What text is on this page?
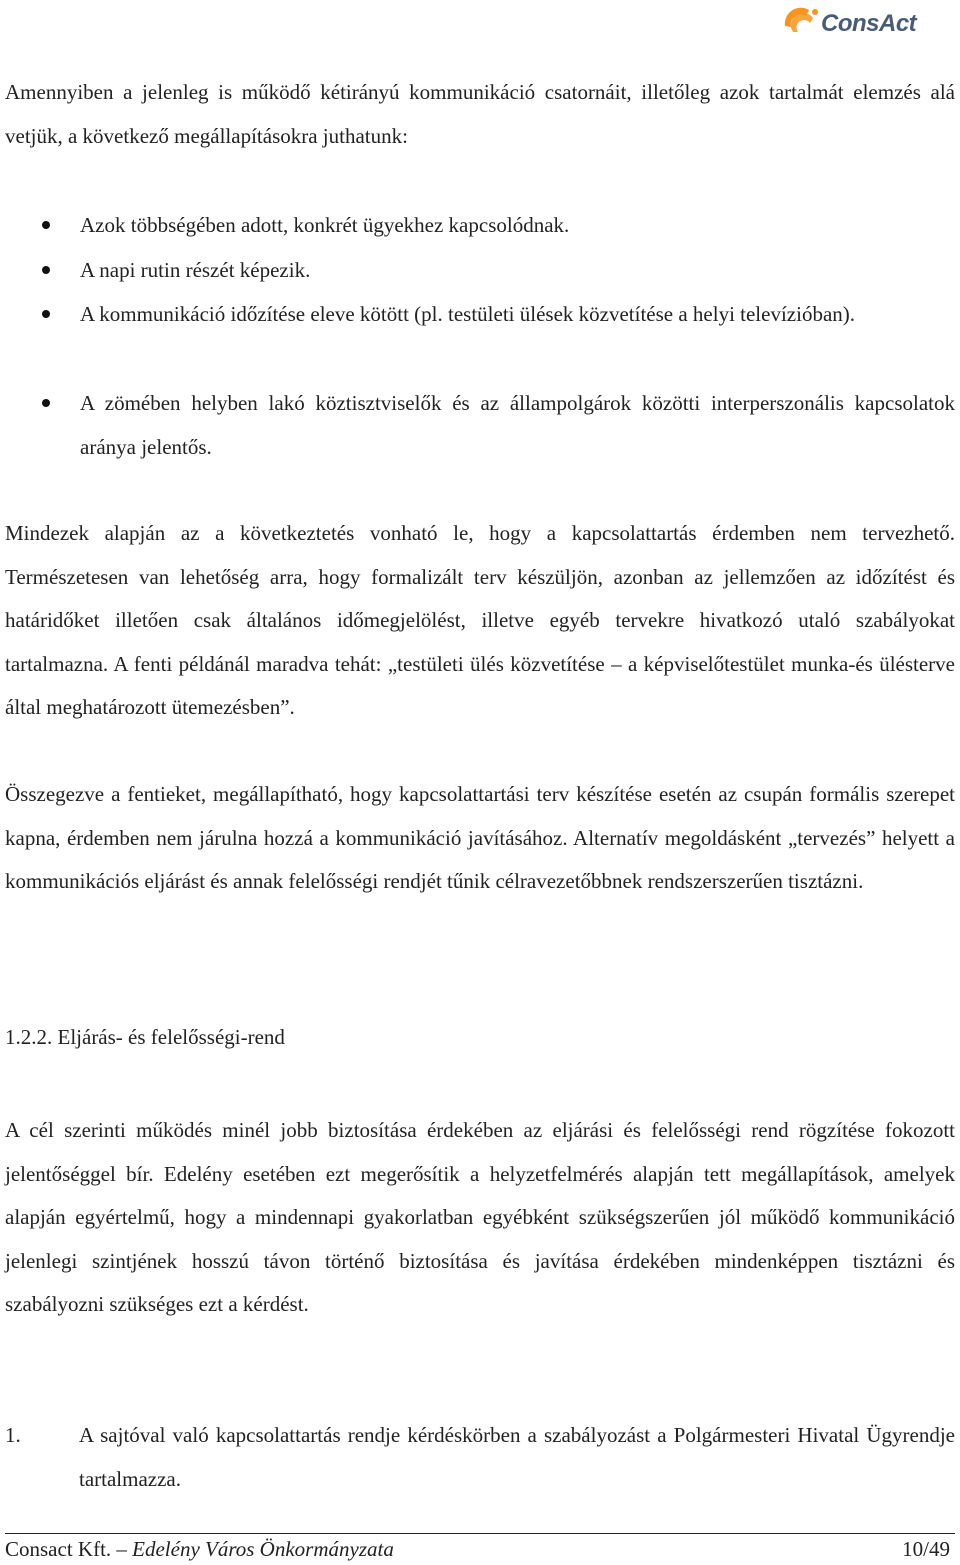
ConsAct
Amennyiben a jelenleg is működő kétirányú kommunikáció csatornáit, illetőleg azok tartalmát elemzés alá vetjük, a következő megállapításokra juthatunk:
Azok többségében adott, konkrét ügyekhez kapcsolódnak.
A napi rutin részét képezik.
A kommunikáció időzítése eleve kötött (pl. testületi ülések közvetítése a helyi televízióban).
A zömében helyben lakó köztisztviselők és az állampolgárok közötti interperszonális kapcsolatok aránya jelentős.
Mindezek alapján az a következtetés vonható le, hogy a kapcsolattartás érdemben nem tervezhető. Természetesen van lehetőség arra, hogy formalizált terv készüljön, azonban az jellemzően az időzítést és határidőket illetően csak általános időmegjelölést, illetve egyéb tervekre hivatkozó utaló szabályokat tartalmazna. A fenti példánál maradva tehát: „testületi ülés közvetítése – a képviselőtestület munka-és ülésterve által meghatározott ütemezésben”.
Összegezve a fentieket, megállapítható, hogy kapcsolattartási terv készítése esetén az csupán formális szerepet kapna, érdemben nem járulna hozzá a kommunikáció javításához. Alternatív megoldásként „tervezés” helyett a kommunikációs eljárást és annak felelősségi rendjét tűnik célravezetőbbnek rendszerszerűen tisztázni.
1.2.2. Eljárás- és felelősségi-rend
A cél szerinti működés minél jobb biztosítása érdekében az eljárási és felelősségi rend rögzítése fokozott jelentőséggel bír. Edelény esetében ezt megerősítik a helyzetfelmérés alapján tett megállapítások, amelyek alapján egyértelmű, hogy a mindennapi gyakorlatban egyébként szükségszerűen jól működő kommunikáció jelenlegi szintjének hosszú távon történő biztosítása és javítása érdekében mindenképpen tisztázni és szabályozni szükséges ezt a kérdést.
1.	A sajtóval való kapcsolattartás rendje kérdéskörben a szabályozást a Polgármesteri Hivatal Ügyrendje tartalmazza.
Consact Kft. – Edelény Város Önkormányzata	10/49
